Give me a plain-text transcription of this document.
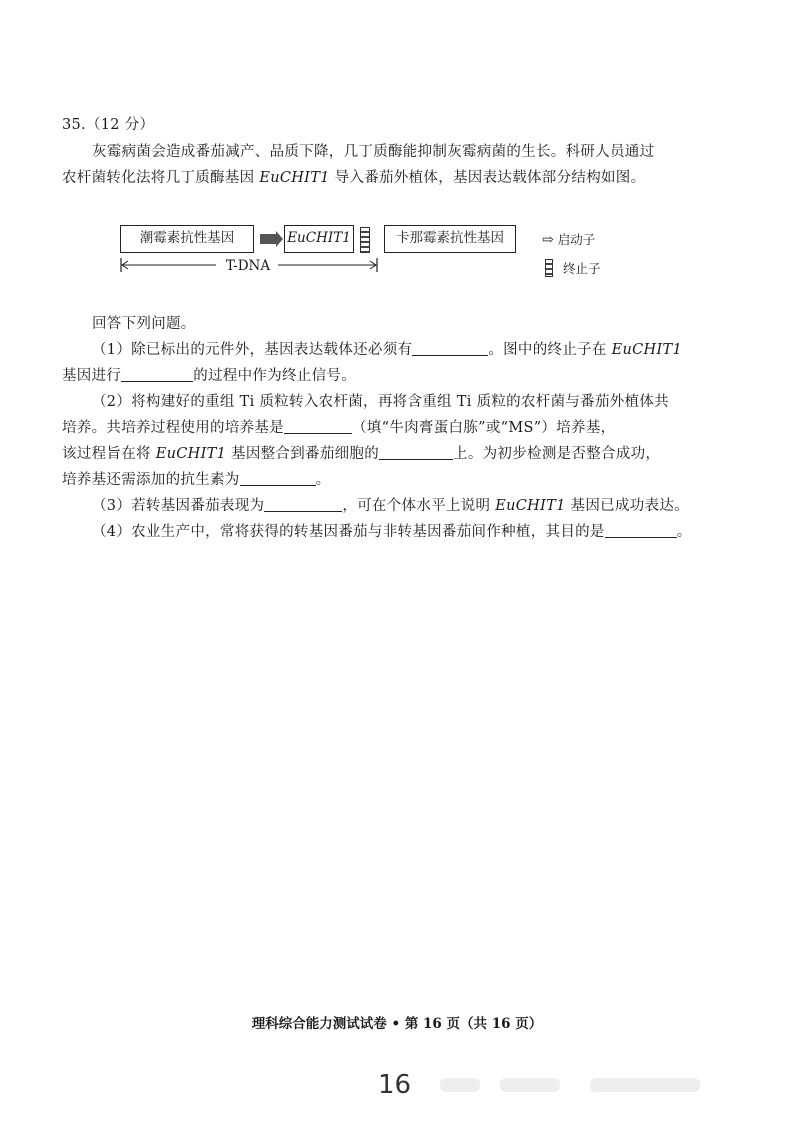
35.（12 分）
灰霉病菌会造成番茄减产、品质下降，几丁质酶能抑制灰霉病菌的生长。科研人员通过
农杆菌转化法将几丁质酶基因 EuCHIT1 导入番茄外植体，基因表达载体部分结构如图。
潮霉素抗性基因	EuCHIT1	卡那霉素抗性基因
T-DNA
⇨ 启动子
终止子
回答下列问题。
（1）除已标出的元件外，基因表达载体还必须有	。图中的终止子在 EuCHIT1
基因进行	的过程中作为终止信号。
（2）将构建好的重组 Ti 质粒转入农杆菌，再将含重组 Ti 质粒的农杆菌与番茄外植体共
培养。共培养过程使用的培养基是	（填“牛肉膏蛋白胨”或“MS”）培养基，
该过程旨在将 EuCHIT1 基因整合到番茄细胞的	上。为初步检测是否整合成功，
培养基还需添加的抗生素为	。
（3）若转基因番茄表现为	，可在个体水平上说明 EuCHIT1 基因已成功表达。
（4）农业生产中，常将获得的转基因番茄与非转基因番茄间作种植，其目的是	。
理科综合能力测试试卷 • 第 16 页（共 16 页）
16
